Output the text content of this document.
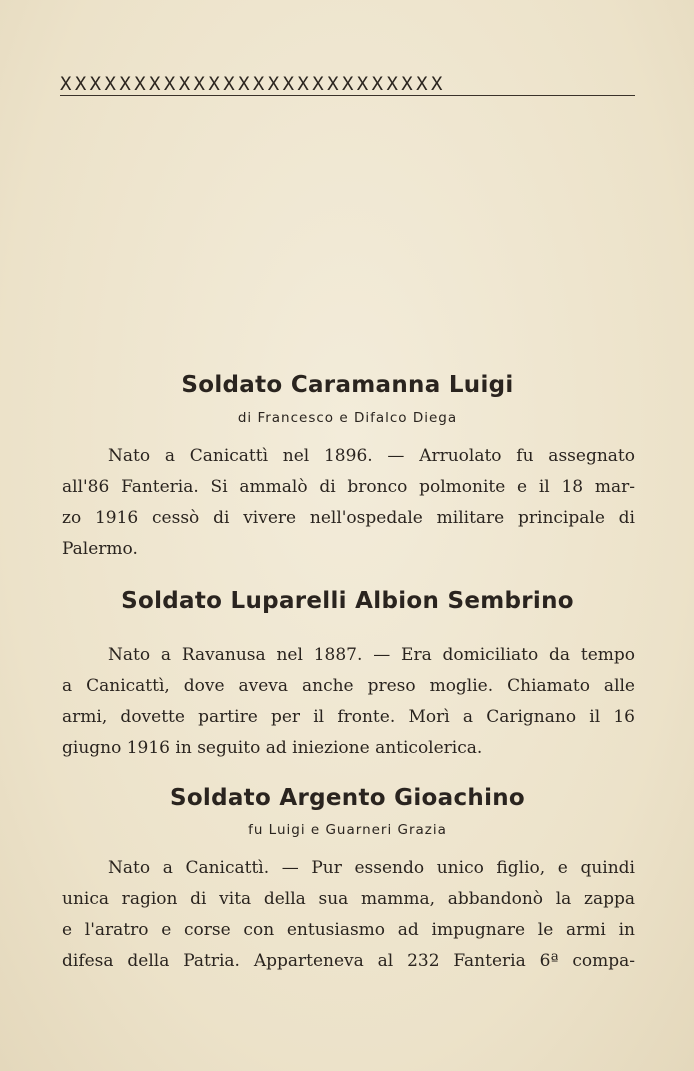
XXXXXXXXXXXXXXXXXXXXXXXXXX
Soldato Caramanna Luigi
di Francesco e Difalco Diega
Nato a Canicattì nel 1896. — Arruolato fu assegnato
all'86 Fanteria. Si ammalò di bronco polmonite e il 18 mar-
zo 1916 cessò di vivere nell'ospedale militare principale di
Palermo.
Soldato Luparelli Albion Sembrino
Nato a Ravanusa nel 1887. — Era domiciliato da tempo
a Canicattì, dove aveva anche preso moglie. Chiamato alle
armi, dovette partire per il fronte. Morì a Carignano il 16
giugno 1916 in seguito ad iniezione anticolerica.
Soldato Argento Gioachino
fu Luigi e Guarneri Grazia
Nato a Canicattì. — Pur essendo unico figlio, e quindi
unica ragion di vita della sua mamma, abbandonò la zappa
e l'aratro e corse con entusiasmo ad impugnare le armi in
difesa della Patria. Apparteneva al 232 Fanteria 6ª compa-
